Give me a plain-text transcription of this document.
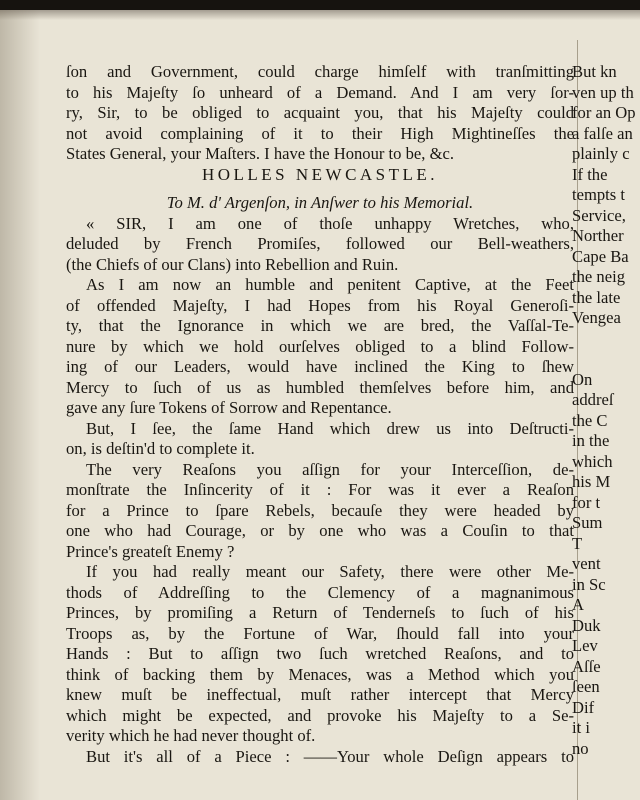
ſon and Government, could charge himſelf with tranſmitting
to his Majeſty ſo unheard of a Demand. And I am very ſor-
ry, Sir, to be obliged to acquaint you, that his Majeſty could
not avoid complaining of it to their High Mightineſſes the
States General, your Maſters. I have the Honour to be, &c.
HOLLES NEWCASTLE.
To M. d' Argenſon, in Anſwer to his Memorial.
« SIR, I am one of thoſe unhappy Wretches, who,
deluded by French Promiſes, followed our Bell-weathers,
(the Chiefs of our Clans) into Rebellion and Ruin.
As I am now an humble and penitent Captive, at the Feet
of offended Majeſty, I had Hopes from his Royal Generoſi-
ty, that the Ignorance in which we are bred, the Vaſſal-Te-
nure by which we hold ourſelves obliged to a blind Follow-
ing of our Leaders, would have inclined the King to ſhew
Mercy to ſuch of us as humbled themſelves before him, and
gave any ſure Tokens of Sorrow and Repentance.
But, I ſee, the ſame Hand which drew us into Deſtructi-
on, is deſtin'd to complete it.
The very Reaſons you aſſign for your Interceſſion, de-
monſtrate the Inſincerity of it : For was it ever a Reaſon
for a Prince to ſpare Rebels, becauſe they were headed by
one who had Courage, or by one who was a Couſin to that
Prince's greateſt Enemy ?
If you had really meant our Safety, there were other Me-
thods of Addreſſing to the Clemency of a magnanimous
Princes, by promiſing a Return of Tenderneſs to ſuch of his
Troops as, by the Fortune of War, ſhould fall into your
Hands : But to aſſign two ſuch wretched Reaſons, and to
think of backing them by Menaces, was a Method which you
knew muſt be ineffectual, muſt rather intercept that Mercy
which might be expected, and provoke his Majeſty to a Se-
verity which he had never thought of.
But it's all of a Piece : ——Your whole Deſign appears to
But kn
ven up th
for an Op
a falſe an
plainly c
If the
tempts t
Service,
Norther
Cape Ba
the neig
the late
Vengea
On
addreſ
the C
in the
which
his M
for t
Sum
T
vent
in Sc
A
Duk
Lev
Aſſe
ſeen
Dif
it i
no
